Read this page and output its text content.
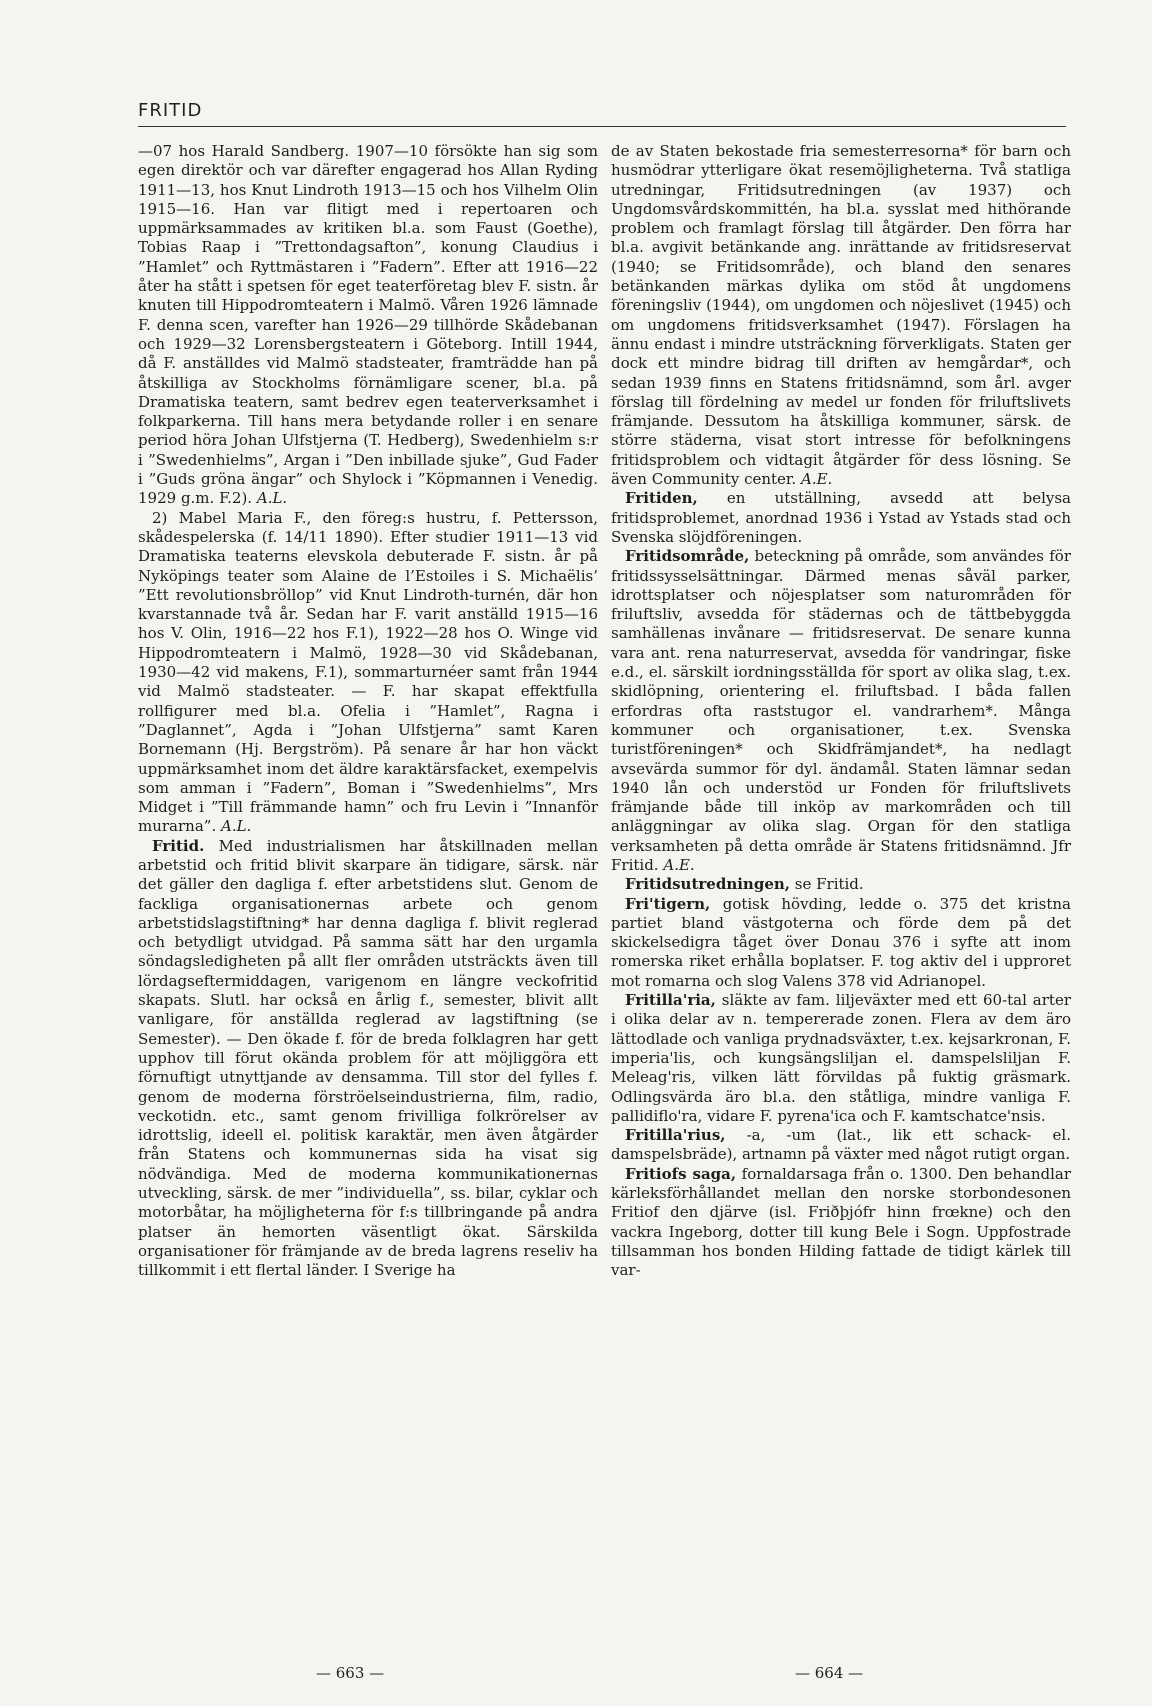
FRITID

—07 hos Harald Sandberg. 1907—10 försökte han sig som egen direktör och var därefter engagerad hos Allan Ryding 1911—13, hos Knut Lindroth 1913—15 och hos Vilhelm Olin 1915—16. Han var flitigt med i repertoaren och uppmärksammades av kritiken bl.a. som Faust (Goethe), Tobias Raap i ”Trettondagsafton”, konung Claudius i ”Hamlet” och Ryttmästaren i ”Fadern”. Efter att 1916—22 åter ha stått i spetsen för eget teaterföretag blev F. sistn. år knuten till Hippodromteatern i Malmö. Våren 1926 lämnade F. denna scen, varefter han 1926—29 tillhörde Skådebanan och 1929—32 Lorensbergsteatern i Göteborg. Intill 1944, då F. anställdes vid Malmö stadsteater, framträdde han på åtskilliga av Stockholms förnämligare scener, bl.a. på Dramatiska teatern, samt bedrev egen teaterverksamhet i folkparkerna. Till hans mera betydande roller i en senare period höra Johan Ulfstjerna (T. Hedberg), Swedenhielm s:r i ”Swedenhielms”, Argan i ”Den inbillade sjuke”, Gud Fader i ”Guds gröna ängar” och Shylock i ”Köpmannen i Venedig. 1929 g.m. F.2). A.L.

2) Mabel Maria F., den föreg:s hustru, f. Pettersson, skådespelerska (f. 14/11 1890). Efter studier 1911—13 vid Dramatiska teaterns elevskola debuterade F. sistn. år på Nyköpings teater som Alaine de l’Estoiles i S. Michaëlis’ ”Ett revolutionsbröllop” vid Knut Lindroth-turnén, där hon kvarstannade två år. Sedan har F. varit anställd 1915—16 hos V. Olin, 1916—22 hos F.1), 1922—28 hos O. Winge vid Hippodromteatern i Malmö, 1928—30 vid Skådebanan, 1930—42 vid makens, F.1), sommarturnéer samt från 1944 vid Malmö stadsteater. — F. har skapat effektfulla rollfigurer med bl.a. Ofelia i ”Hamlet”, Ragna i ”Daglannet”, Agda i ”Johan Ulfstjerna” samt Karen Bornemann (Hj. Bergström). På senare år har hon väckt uppmärksamhet inom det äldre karaktärsfacket, exempelvis som amman i ”Fadern”, Boman i ”Swedenhielms”, Mrs Midget i ”Till främmande hamn” och fru Levin i ”Innanför murarna”. A.L.

Fritid. Med industrialismen har åtskillnaden mellan arbetstid och fritid blivit skarpare än tidigare, särsk. när det gäller den dagliga f. efter arbetstidens slut. Genom de fackliga organisationernas arbete och genom arbetstidslagstiftning* har denna dagliga f. blivit reglerad och betydligt utvidgad. På samma sätt har den urgamla söndagsledigheten på allt fler områden utsträckts även till lördagseftermiddagen, varigenom en längre veckofritid skapats. Slutl. har också en årlig f., semester, blivit allt vanligare, för anställda reglerad av lagstiftning (se Semester). — Den ökade f. för de breda folklagren har gett upphov till förut okända problem för att möjliggöra ett förnuftigt utnyttjande av densamma. Till stor del fylles f. genom de moderna förströelseindustrierna, film, radio, veckotidn. etc., samt genom frivilliga folkrörelser av idrottslig, ideell el. politisk karaktär, men även åtgärder från Statens och kommunernas sida ha visat sig nödvändiga. Med de moderna kommunikationernas utveckling, särsk. de mer ”individuella”, ss. bilar, cyklar och motorbåtar, ha möjligheterna för f:s tillbringande på andra platser än hemorten väsentligt ökat. Särskilda organisationer för främjande av de breda lagrens reseliv ha tillkommit i ett flertal länder. I Sverige ha

de av Staten bekostade fria semesterresorna* för barn och husmödrar ytterligare ökat resemöjligheterna. Två statliga utredningar, Fritidsutredningen (av 1937) och Ungdomsvårdskommittén, ha bl.a. sysslat med hithörande problem och framlagt förslag till åtgärder. Den förra har bl.a. avgivit betänkande ang. inrättande av fritidsreservat (1940; se Fritidsområde), och bland den senares betänkanden märkas dylika om stöd åt ungdomens föreningsliv (1944), om ungdomen och nöjeslivet (1945) och om ungdomens fritidsverksamhet (1947). Förslagen ha ännu endast i mindre utsträckning förverkligats. Staten ger dock ett mindre bidrag till driften av hemgårdar*, och sedan 1939 finns en Statens fritidsnämnd, som årl. avger förslag till fördelning av medel ur fonden för friluftslivets främjande. Dessutom ha åtskilliga kommuner, särsk. de större städerna, visat stort intresse för befolkningens fritidsproblem och vidtagit åtgärder för dess lösning. Se även Community center. A.E.

Fritiden, en utställning, avsedd att belysa fritidsproblemet, anordnad 1936 i Ystad av Ystads stad och Svenska slöjdföreningen.

Fritidsområde, beteckning på område, som användes för fritidssysselsättningar. Därmed menas såväl parker, idrottsplatser och nöjesplatser som naturområden för friluftsliv, avsedda för städernas och de tättbebyggda samhällenas invånare — fritidsreservat. De senare kunna vara ant. rena naturreservat, avsedda för vandringar, fiske e.d., el. särskilt iordningsställda för sport av olika slag, t.ex. skidlöpning, orientering el. friluftsbad. I båda fallen erfordras ofta raststugor el. vandrarhem*. Många kommuner och organisationer, t.ex. Svenska turistföreningen* och Skidfrämjandet*, ha nedlagt avsevärda summor för dyl. ändamål. Staten lämnar sedan 1940 lån och understöd ur Fonden för friluftslivets främjande både till inköp av markområden och till anläggningar av olika slag. Organ för den statliga verksamheten på detta område är Statens fritidsnämnd. Jfr Fritid. A.E.

Fritidsutredningen, se Fritid.

Fri'tigern, gotisk hövding, ledde o. 375 det kristna partiet bland västgoterna och förde dem på det skickelsedigra tåget över Donau 376 i syfte att inom romerska riket erhålla boplatser. F. tog aktiv del i upproret mot romarna och slog Valens 378 vid Adrianopel.

Fritilla'ria, släkte av fam. liljeväxter med ett 60-tal arter i olika delar av n. tempererade zonen. Flera av dem äro lättodlade och vanliga prydnadsväxter, t.ex. kejsarkronan, F. imperia'lis, och kungsängsliljan el. damspelsliljan F. Meleag'ris, vilken lätt förvildas på fuktig gräsmark. Odlingsvärda äro bl.a. den ståtliga, mindre vanliga F. pallidiflo'ra, vidare F. pyrena'ica och F. kamtschatce'nsis.

Fritilla'rius, -a, -um (lat., lik ett schack- el. damspelsbräde), artnamn på växter med något rutigt organ.

Fritiofs saga, fornaldarsaga från o. 1300. Den behandlar kärleksförhållandet mellan den norske storbondesonen Fritiof den djärve (isl. Friðþjófr hinn frœkne) och den vackra Ingeborg, dotter till kung Bele i Sogn. Uppfostrade tillsamman hos bonden Hilding fattade de tidigt kärlek till var-

— 663 —	— 664 —
